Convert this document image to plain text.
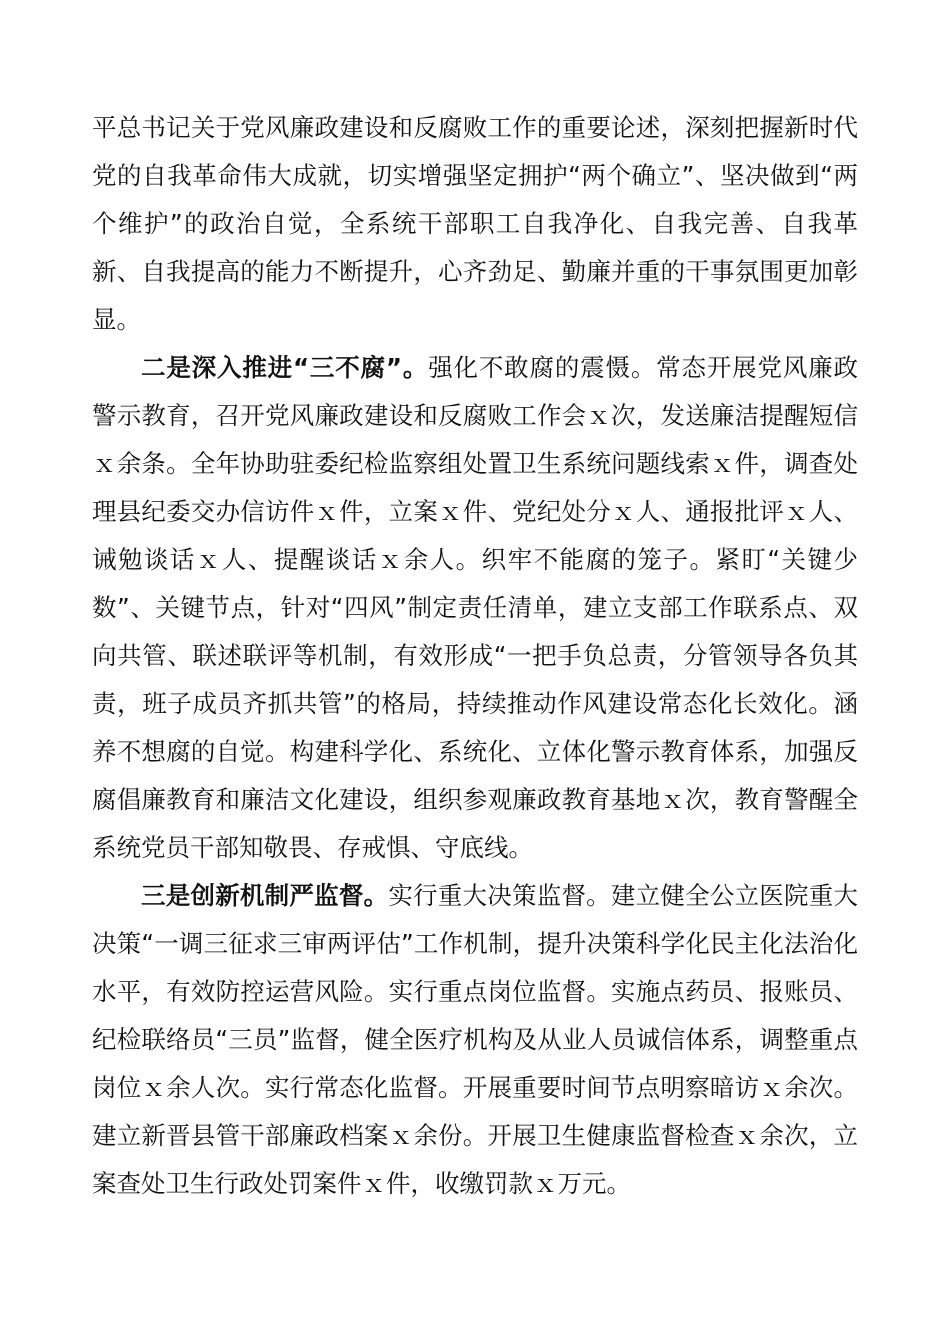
平总书记关于党风廉政建设和反腐败工作的重要论述，深刻把握新时代党的自我革命伟大成就，切实增强坚定拥护“两个确立”、坚决做到“两个维护”的政治自觉，全系统干部职工自我净化、自我完善、自我革新、自我提高的能力不断提升，心齐劲足、勤廉并重的干事氛围更加彰显。

二是深入推进“三不腐”。强化不敢腐的震慑。常态开展党风廉政警示教育，召开党风廉政建设和反腐败工作会ｘ次，发送廉洁提醒短信ｘ余条。全年协助驻委纪检监察组处置卫生系统问题线索ｘ件，调查处理县纪委交办信访件ｘ件，立案ｘ件、党纪处分ｘ人、通报批评ｘ人、诫勉谈话ｘ人、提醒谈话ｘ余人。织牢不能腐的笼子。紧盯“关键少数”、关键节点，针对“四风”制定责任清单，建立支部工作联系点、双向共管、联述联评等机制，有效形成“一把手负总责，分管领导各负其责，班子成员齐抓共管”的格局，持续推动作风建设常态化长效化。涵养不想腐的自觉。构建科学化、系统化、立体化警示教育体系，加强反腐倡廉教育和廉洁文化建设，组织参观廉政教育基地ｘ次，教育警醒全系统党员干部知敬畏、存戒惧、守底线。

三是创新机制严监督。实行重大决策监督。建立健全公立医院重大决策“一调三征求三审两评估”工作机制，提升决策科学化民主化法治化水平，有效防控运营风险。实行重点岗位监督。实施点药员、报账员、纪检联络员“三员”监督，健全医疗机构及从业人员诚信体系，调整重点岗位ｘ余人次。实行常态化监督。开展重要时间节点明察暗访ｘ余次。建立新晋县管干部廉政档案ｘ余份。开展卫生健康监督检查ｘ余次，立案查处卫生行政处罚案件ｘ件，收缴罚款ｘ万元。
